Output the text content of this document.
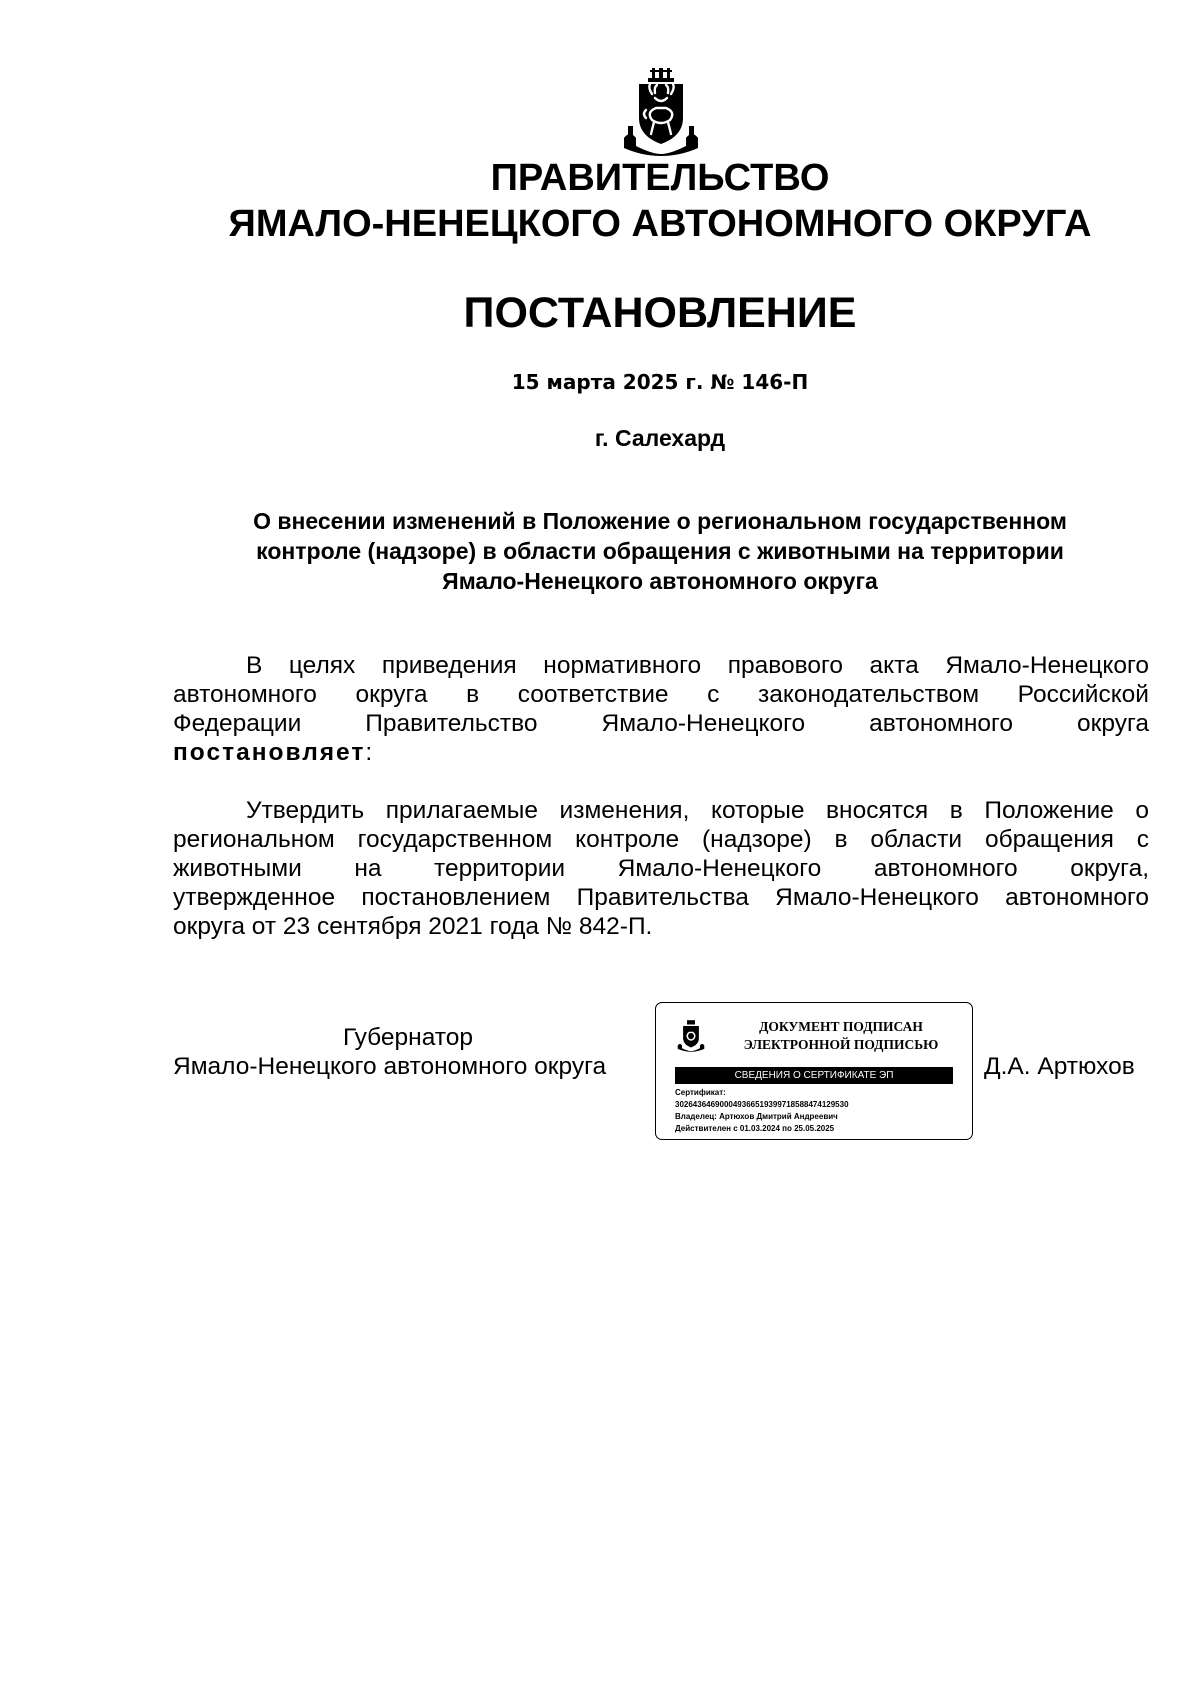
ПРАВИТЕЛЬСТВО
ЯМАЛО-НЕНЕЦКОГО АВТОНОМНОГО ОКРУГА
ПОСТАНОВЛЕНИЕ
15 марта 2025 г. № 146-П
г. Салехард
О внесении изменений в Положение о региональном государственном
контроле (надзоре) в области обращения с животными на территории
Ямало-Ненецкого автономного округа
В целях приведения нормативного правового акта Ямало-Ненецкого
автономного округа в соответствие с законодательством Российской
Федерации Правительство Ямало-Ненецкого автономного округа
постановляет:
Утвердить прилагаемые изменения, которые вносятся в Положение о
региональном государственном контроле (надзоре) в области обращения с
животными на территории Ямало-Ненецкого автономного округа,
утвержденное постановлением Правительства Ямало-Ненецкого автономного
округа от 23 сентября 2021 года № 842-П.
Губернатор
Ямало-Ненецкого автономного округа
ДОКУМЕНТ ПОДПИСАН
ЭЛЕКТРОННОЙ ПОДПИСЬЮ
СВЕДЕНИЯ О СЕРТИФИКАТЕ ЭП
Сертификат:
302643646900049366519399718588474129530
Владелец: Артюхов Дмитрий Андреевич
Действителен с 01.03.2024 по 25.05.2025
Д.А. Артюхов
